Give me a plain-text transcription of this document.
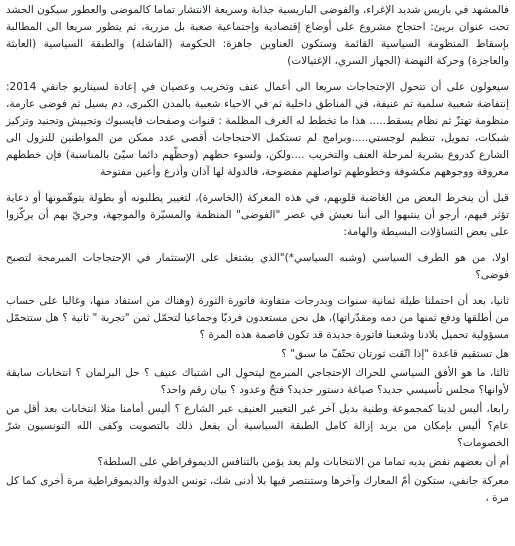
فالمشهد في باريس شديد الإغراء، والفوضى الباريسية جذابة وسريعة الانتشار تماما كالموضى والعطور سيكون الحشد تحت عنوان بريئ: احتجاج مشروع على أوضاع إقتصادية وإجتماعية صعبة بل مزرية، ثم يتطور سريعا الى المطالبة بإسقاط المنظومة السياسية القائمة وستكون العناوين جاهزة: الحكومة (الفاشلة) والطبقة السياسية (العابثة والعاجزة) وحركة النهضة (الجهاز السري، الإغتيالات)

سيعولون على أن تتحول الإحتجاجات سريعا الى أعمال عنف وتخريب وعصيان في إعادة لسيناريو جانفي 2014: إنتفاضة شعبية سلمية ثم عنيفة، في المناطق داخلية ثم في الاحياء شعبية بالمدن الكبرى، دم يسيل ثم فوضى عارمة، منظومة تهتزّ ثم نظام يسقط..... هذا ما تخطط له الغرف المظلمة : قنوات وصفحات فايسبوك وتجييش وتجنيد وتركيز شبكات، تمويل، تنظيم لوجستي.....وبرامج لم تستكمل الاحتجاجات أقصى عدد ممكن من المواطنين للنزول الى الشارع كدروع بشرية لمرحلة العنف والتخريب ....ولكن، ولسوء حظهم (وحظّهم دائما سيّئ بالمناسبة) فإن خططهم معروفة ووجوههم مكشوفة وخطوطهم تواصلهم مفضوحة، فالدولة لها آذان وأذرع وأعين مفتوحة

قبل أن ينخرط البعض من الغاضبة قلوبهم، في هذه المعركة (الخاسرة)، لتغيير يطلبونه أو بطولة يتوهّمونها أو دعاية تؤثر فيهم، أرجو أن ينتبهوا الى أننا نعيش في عصر "الفوضى" المنظمة والمسيّرة والموجهة، وحريّ بهم أن يركّزوا على بعض التساؤلات البسيطة والهامة:

اولا، من هو الطرف السياسي (وشبه السياسي*)"الذي يشتغل على الإستثمار في الإحتجاجات المبرمجة لتصبح فوضى؟

ثانيا، بعد أن احتملنا طيلة ثمانية سنوات وبدرجات متفاوتة فاتورة الثورة (وهناك من استفاد منها، وغالبا على حساب من أطلقها ودفع ثمنها من دمه ومقدّراتها)، هل نحن مستعدون فرديّا وجماعيا لتحمّل ثمن "تجربة " ثانية ؟ هل ستتحمّل مسؤولية تحميل بلادنا وشعبنا فاتورة جديدة قد تكون قاصمة هذه المرة ؟

هل تستقيم قاعدة "إذا اتّقت ثورتان تحتّفّ ما سبق" ؟

ثالثا، ما هو الأفق السياسي للحراك الإحتجاجي المبرمج ليتحول الى اشتباك عنيف ؟ حل البرلمان ؟ انتخابات سابقة لأوانها؟ مجلس تأسيسي جديد؟ صياغة دستور جديد؟ فتحٌ وعدود ؟ بيان رقم واحد؟

رابعا، أليس لدينا كمجموعة وطنية بديل آخر غير التغيير العنيف عبر الشارع ؟ أليس أمامنا مثلا انتخابات بعد أقل من عام؟ أليس بإمكان من يريد إزالة كامل الطبقة السياسية أن يفعل ذلك بالتصويت وكفى الله التونسيون شرّ الخصومات؟

أم أن بعضهم نفض يديه تماما من الانتخابات ولم يعد يؤمن بالتنافس الديموقراطي على السلطة؟

معركة جانفي، ستكون أمّ المعارك وآخرها وستنتصر فيها بلا أدنى شك، تونس الدولة والديموقراطية مرة أخرى كما كل مرة ،
